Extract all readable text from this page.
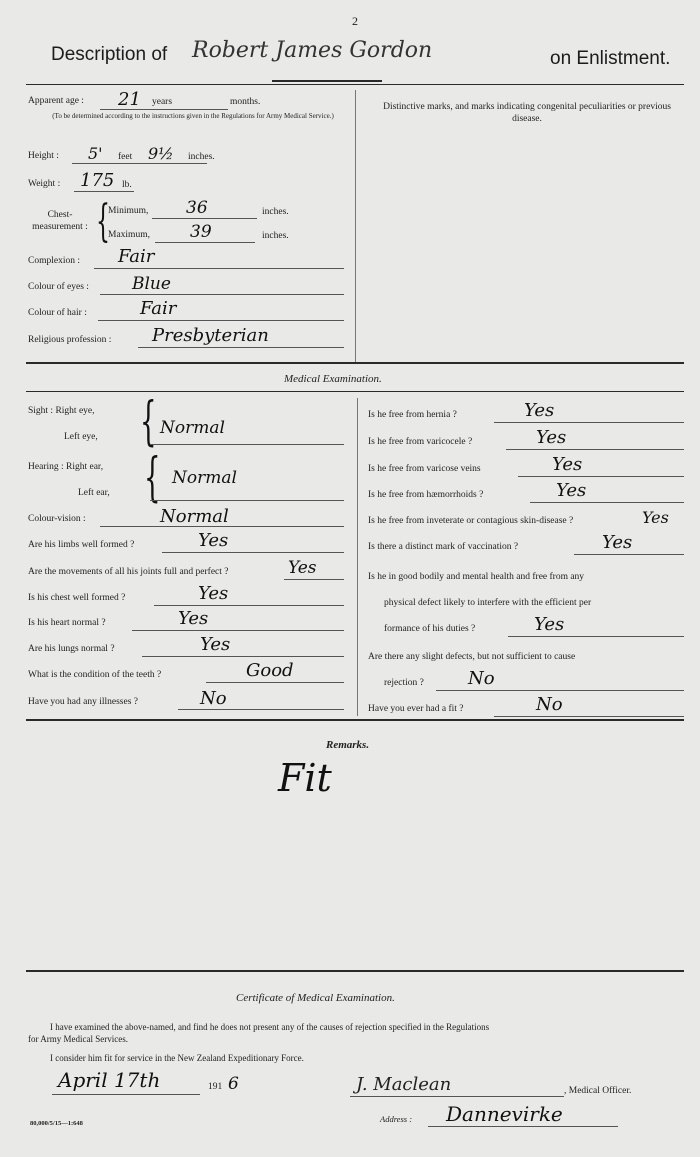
2
Description of Robert James Gordon	on Enlistment.
Apparent age : 21 years	months.
(To be determined according to the instructions given in the Regulations for Army Medical Service.)
Height : 5' feet 9½ inches.
Weight : 175 lb.
Chest-measurement : {
Minimum, 36	inches.
Maximum, 39	inches.
Complexion : Fair
Colour of eyes :	Blue
Colour of hair :	Fair
Religious profession : Presbyterian
Distinctive marks, and marks indicating congenital peculiarities or previous disease.
Medical Examination.
Sight : Right eye,
Left eye, { Normal
Hearing : Right ear,
Left ear, { Normal
Colour-vision :	Normal
Are his limbs well formed ?	Yes
Are the movements of all his joints full and perfect ?	Yes
Is his chest well formed ?	Yes
Is his heart normal ?	Yes
Are his lungs normal ?	Yes
What is the condition of the teeth ?	Good
Have you had any illnesses ?	No
Is he free from hernia ?	Yes
Is he free from varicocele ?	Yes
Is he free from varicose veins	Yes
Is he free from hæmorrhoids ?	Yes
Is he free from inveterate or contagious skin-disease ?	Yes
Is there a distinct mark of vaccination ?	Yes
Is he in good bodily and mental health and free from any
physical defect likely to interfere with the efficient per
formance of his duties ?	Yes
Are there any slight defects, but not sufficient to cause
rejection ? No
Have you ever had a fit ?	No
Remarks.
Fit
Certificate of Medical Examination.
I have examined the above-named, and find he does not present any of the causes of rejection specified in the Regulations
for Army Medical Services.
I consider him fit for service in the New Zealand Expeditionary Force.
April 17th	191 6	J. Maclean	, Medical Officer.
Address : Dannevirke
80,000/5/15—1:648
